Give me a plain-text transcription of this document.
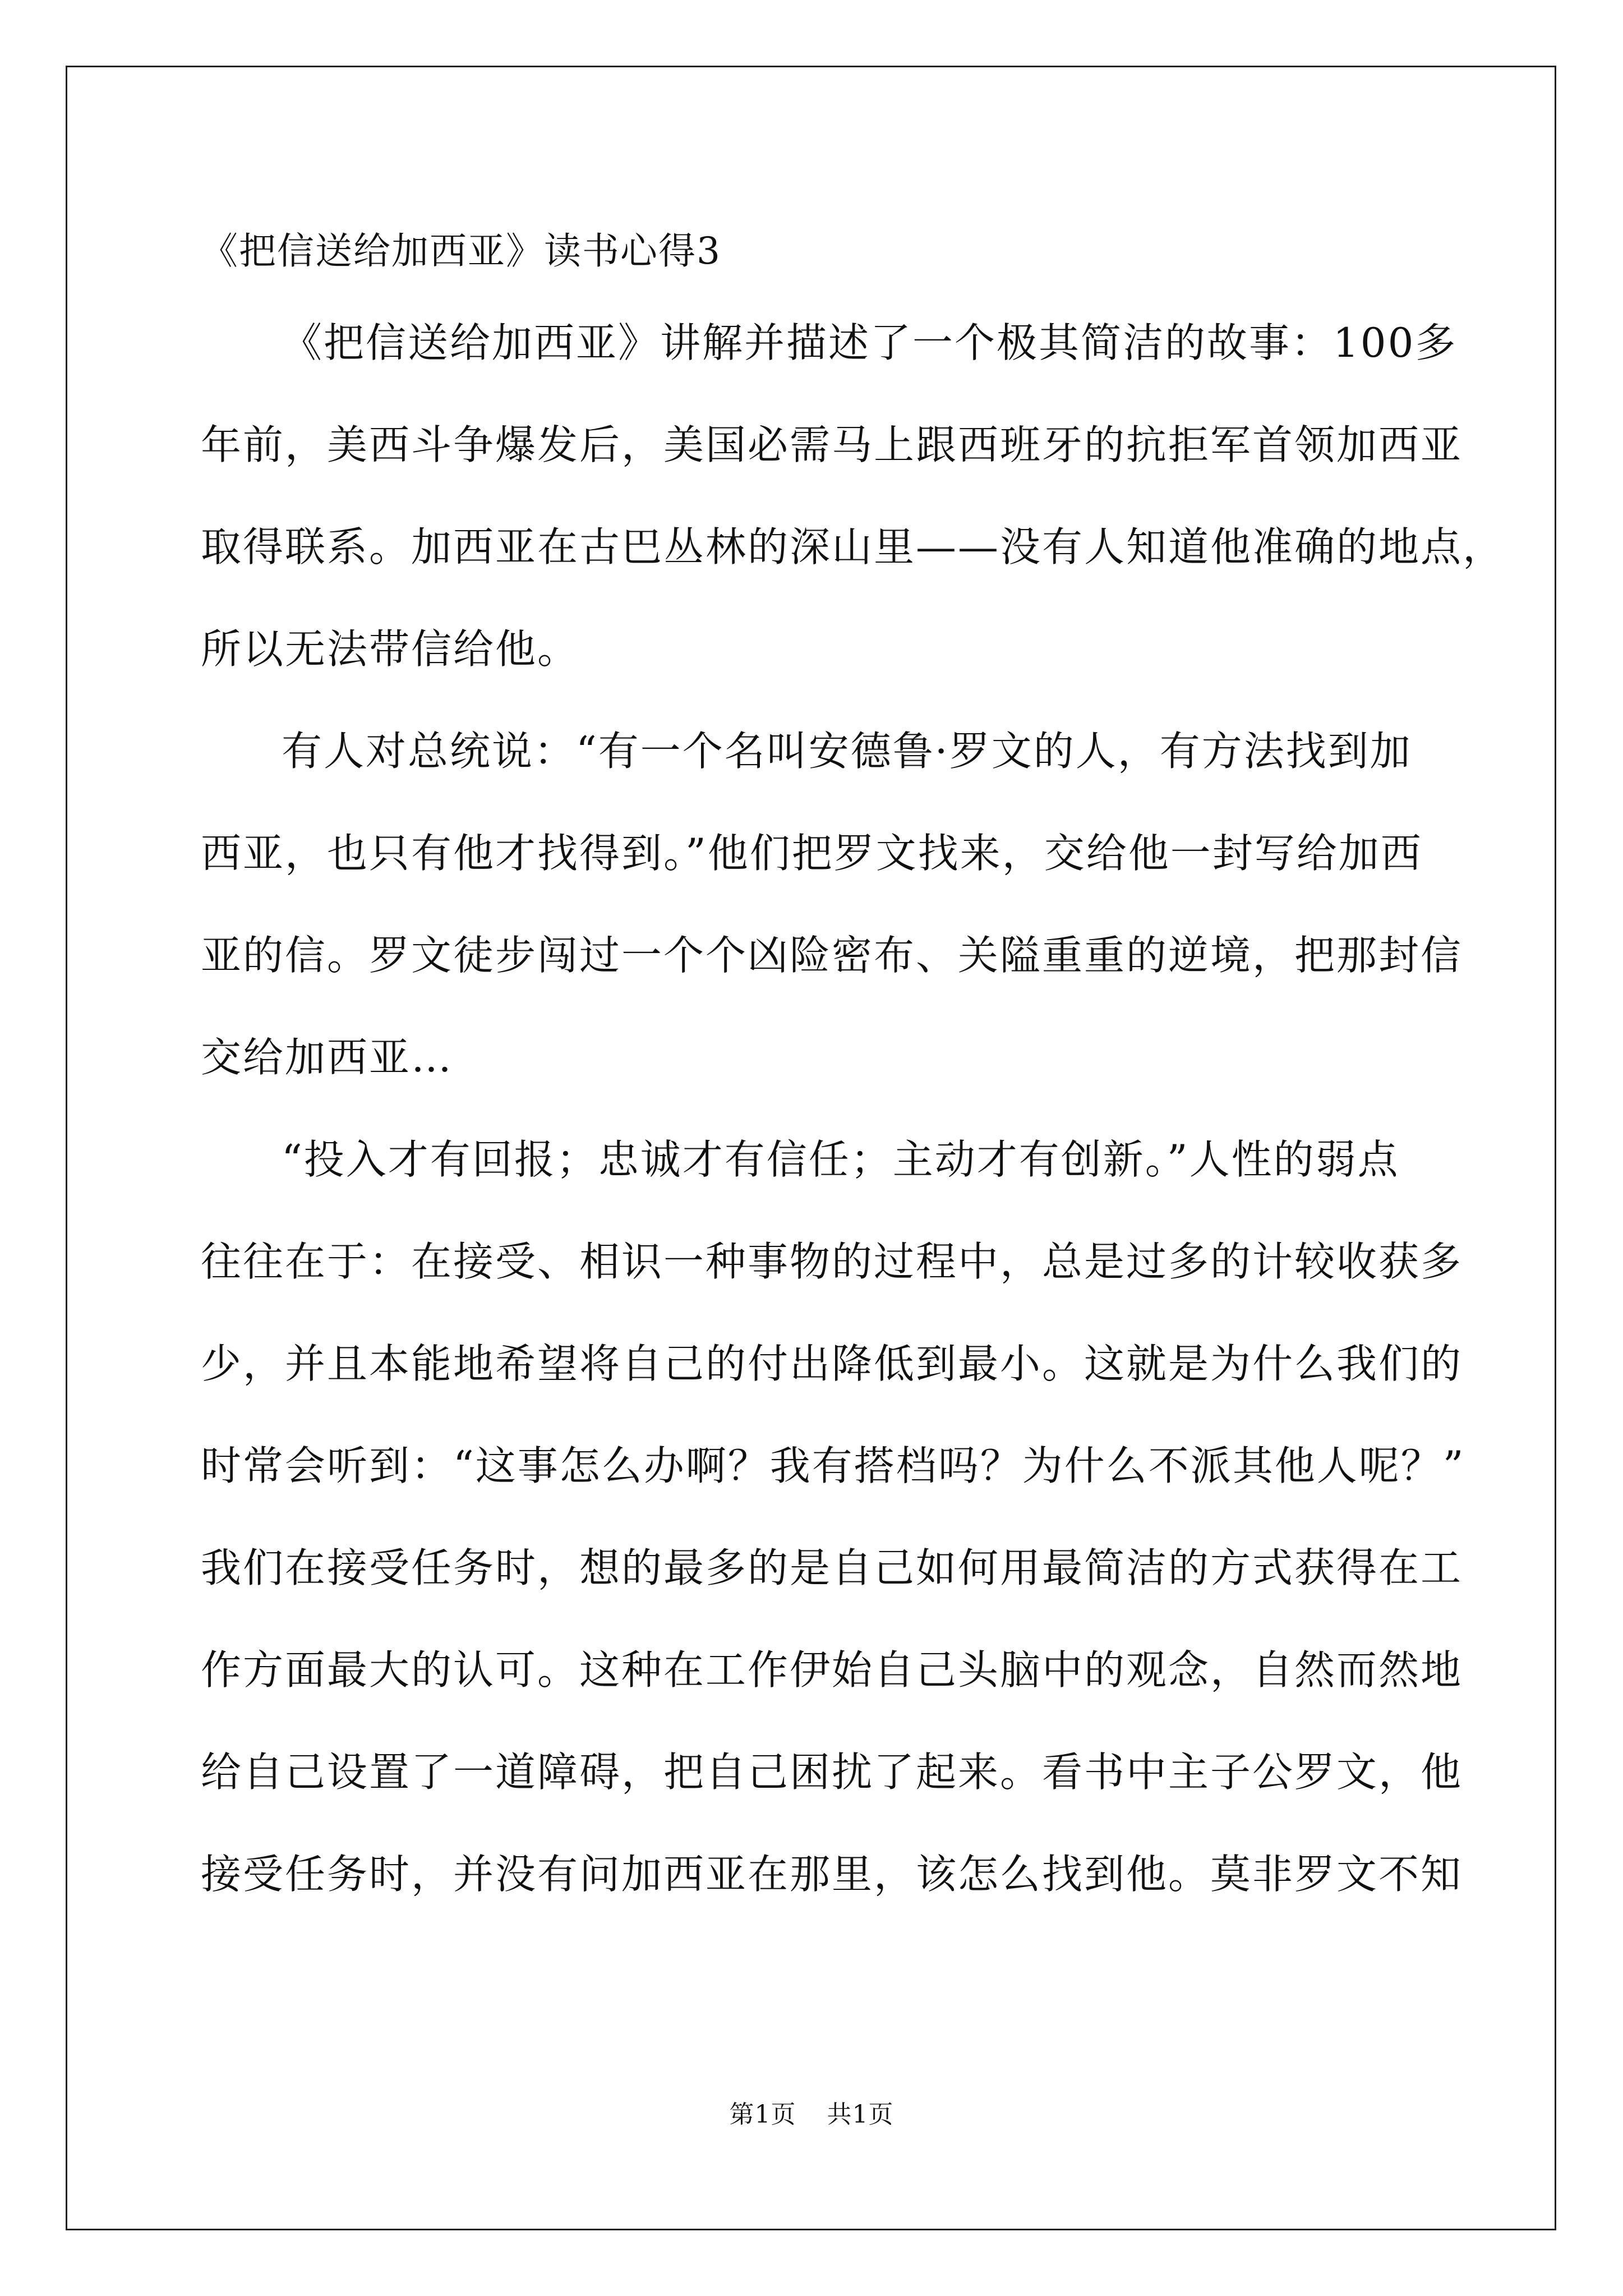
《把信送给加西亚》读书心得3

《把信送给加西亚》讲解并描述了一个极其简洁的故事：100多
年前，美西斗争爆发后，美国必需马上跟西班牙的抗拒军首领加西亚
取得联系。加西亚在古巴丛林的深山里——没有人知道他准确的地点，
所以无法带信给他。

有人对总统说：“有一个名叫安德鲁·罗文的人，有方法找到加
西亚，也只有他才找得到。”他们把罗文找来，交给他一封写给加西
亚的信。罗文徒步闯过一个个凶险密布、关隘重重的逆境，把那封信
交给加西亚…

“投入才有回报；忠诚才有信任；主动才有创新。”人性的弱点
往往在于：在接受、相识一种事物的过程中，总是过多的计较收获多
少，并且本能地希望将自己的付出降低到最小。这就是为什么我们的
时常会听到：“这事怎么办啊？我有搭档吗？为什么不派其他人呢？”
我们在接受任务时，想的最多的是自己如何用最简洁的方式获得在工
作方面最大的认可。这种在工作伊始自己头脑中的观念，自然而然地
给自己设置了一道障碍，把自己困扰了起来。看书中主子公罗文，他
接受任务时，并没有问加西亚在那里，该怎么找到他。莫非罗文不知

第1页 共1页
